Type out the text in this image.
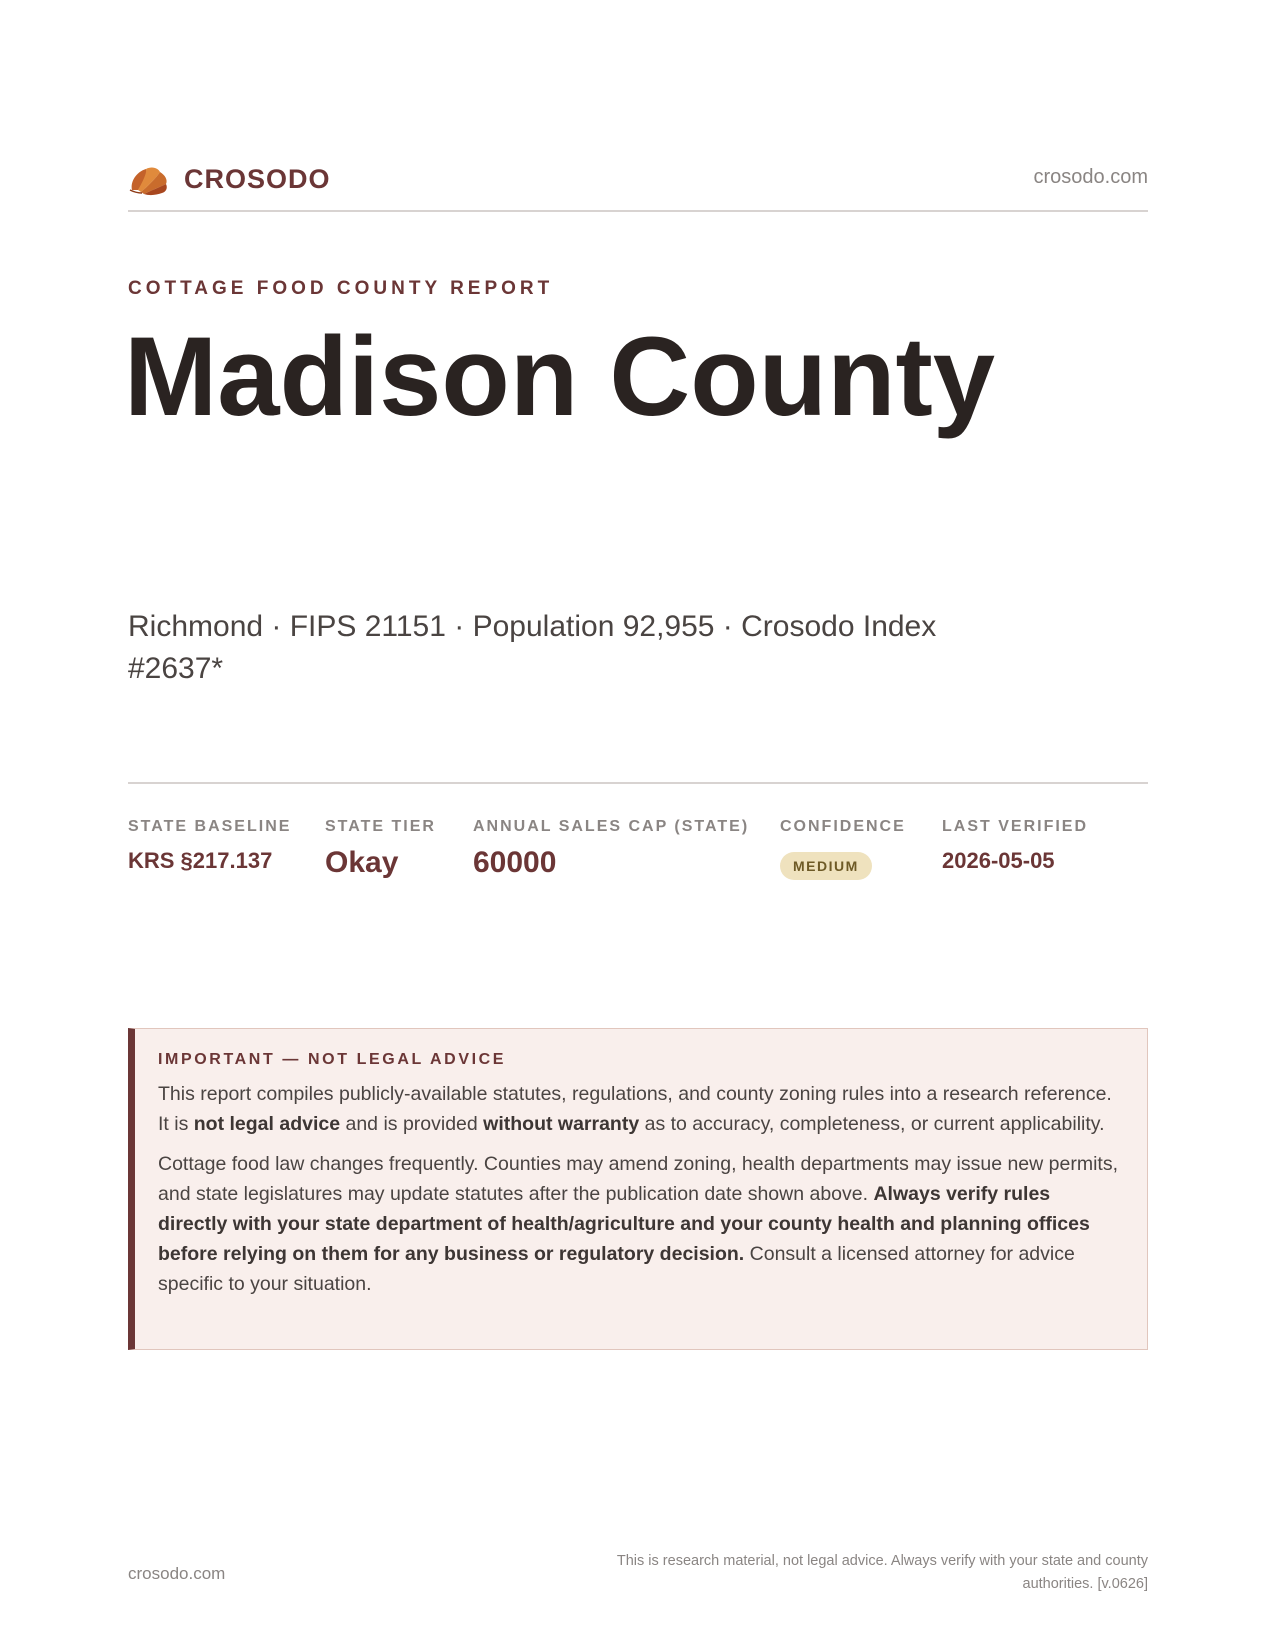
CROSODO	crosodo.com
COTTAGE FOOD COUNTY REPORT
Madison County
Richmond · FIPS 21151 · Population 92,955 · Crosodo Index #2637*
STATE BASELINE
KRS §217.137
STATE TIER
Okay
ANNUAL SALES CAP (STATE)
60000
CONFIDENCE
MEDIUM
LAST VERIFIED
2026-05-05
IMPORTANT — NOT LEGAL ADVICE

This report compiles publicly-available statutes, regulations, and county zoning rules into a research reference. It is not legal advice and is provided without warranty as to accuracy, completeness, or current applicability.

Cottage food law changes frequently. Counties may amend zoning, health departments may issue new permits, and state legislatures may update statutes after the publication date shown above. Always verify rules directly with your state department of health/agriculture and your county health and planning offices before relying on them for any business or regulatory decision. Consult a licensed attorney for advice specific to your situation.

crosodo.com
This is research material, not legal advice. Always verify with your state and county authorities. [v.0626]
